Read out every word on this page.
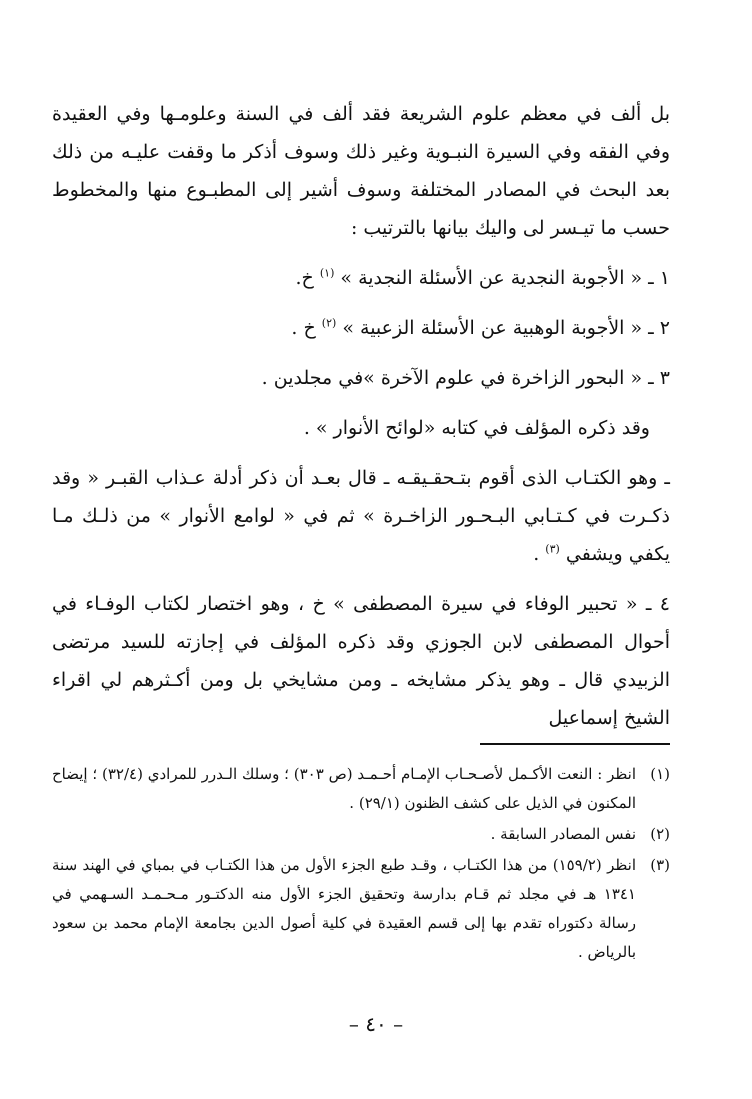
بل ألف في معظم علوم الشريعة فقد ألف في السنة وعلومـها وفي العقيدة وفي الفقه وفي السيرة النبـوية وغير ذلك وسوف أذكر ما وقفت عليـه من ذلك بعد البحث في المصادر المختلفة وسوف أشير إلى المطبـوع منها والمخطوط حسب ما تيـسر لى واليك بيانها بالترتيب :

١ ـ « الأجوبة النجدية عن الأسئلة النجدية » $^{(١)}$ خ.

٢ ـ « الأجوبة الوهبية عن الأسئلة الزعبية » $^{(٢)}$ خ .

٣ ـ « البحور الزاخرة في علوم الآخرة »في مجلدين .

وقد ذكره المؤلف في كتابه «لوائح الأنوار » .

ـ وهو الكتـاب الذى أقوم بتـحقـيقـه ـ قال بعـد أن ذكر أدلة عـذاب القبـر « وقد ذكـرت في كـتـابي البـحـور الزاخـرة » ثم في « لوامع الأنوار » من ذلـك مـا يكفي ويشفي $^{(٣)}$ .

٤ ـ « تحبير الوفاء في سيرة المصطفى » خ ، وهو اختصار لكتاب الوفـاء في أحوال المصطفى لابن الجوزي وقد ذكره المؤلف في إجازته للسيد مرتضى الزبيدي قال ـ وهو يذكر مشايخه ـ ومن مشايخي بل ومن أكـثرهم لي اقراء الشيخ إسماعيل

(١)
انظر : النعت الأكـمل لأصـحـاب الإمـام أحـمـد (ص ٣٠٣) ؛ وسلك الـدرر للمرادي (٣٢/٤) ؛ إيضاح المكنون في الذيل على كشف الظنون (٢٩/١) .
(٢)
نفس المصادر السابقة .
(٣)
انظر (١٥٩/٢) من هذا الكتـاب ، وقـد طبع الجزء الأول من هذا الكتـاب في بمباي في الهند سنة ١٣٤١ هـ في مجلد ثم قـام بدارسة وتحقيق الجزء الأول منه الدكتـور مـحـمـد السـهمي في رسالة دكتوراه تقدم بها إلى قسم العقيدة في كلية أصول الدين بجامعة الإمام محمد بن سعود بالرياض .
– ٤٠ –
